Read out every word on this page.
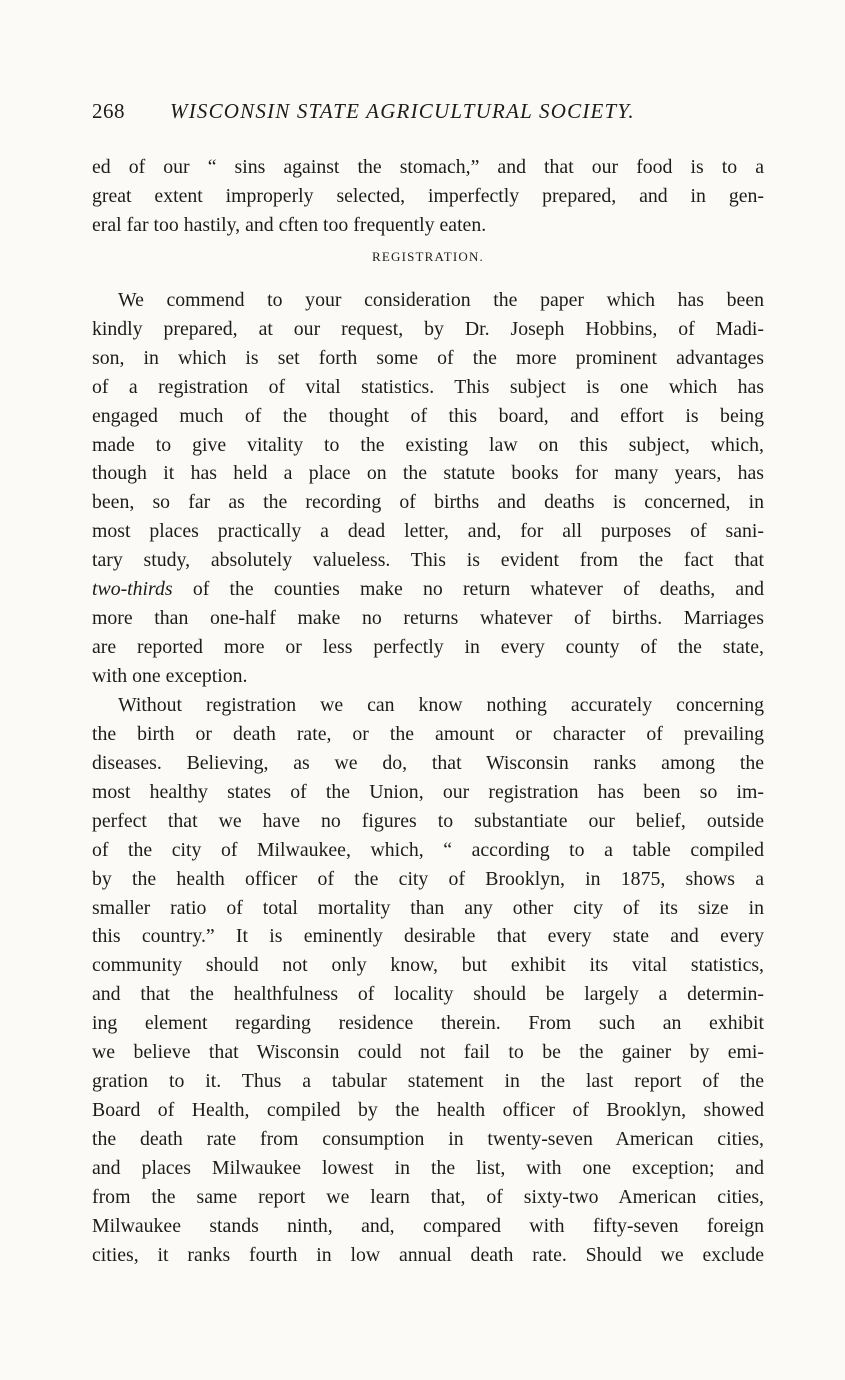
268 WISCONSIN STATE AGRICULTURAL SOCIETY.
ed of our “ sins against the stomach,” and that our food is to a
great extent improperly selected, imperfectly prepared, and in gen-
eral far too hastily, and cften too frequently eaten.
REGISTRATION.
We commend to your consideration the paper which has been
kindly prepared, at our request, by Dr. Joseph Hobbins, of Madi-
son, in which is set forth some of the more prominent advantages
of a registration of vital statistics. This subject is one which has
engaged much of the thought of this board, and effort is being
made to give vitality to the existing law on this subject, which,
though it has held a place on the statute books for many years, has
been, so far as the recording of births and deaths is concerned, in
most places practically a dead letter, and, for all purposes of sani-
tary study, absolutely valueless. This is evident from the fact that
two-thirds of the counties make no return whatever of deaths, and
more than one-half make no returns whatever of births. Marriages
are reported more or less perfectly in every county of the state,
with one exception.
Without registration we can know nothing accurately concerning
the birth or death rate, or the amount or character of prevailing
diseases. Believing, as we do, that Wisconsin ranks among the
most healthy states of the Union, our registration has been so im-
perfect that we have no figures to substantiate our belief, outside
of the city of Milwaukee, which, “ according to a table compiled
by the health officer of the city of Brooklyn, in 1875, shows a
smaller ratio of total mortality than any other city of its size in
this country.” It is eminently desirable that every state and every
community should not only know, but exhibit its vital statistics,
and that the healthfulness of locality should be largely a determin-
ing element regarding residence therein. From such an exhibit
we believe that Wisconsin could not fail to be the gainer by emi-
gration to it. Thus a tabular statement in the last report of the
Board of Health, compiled by the health officer of Brooklyn, showed
the death rate from consumption in twenty-seven American cities,
and places Milwaukee lowest in the list, with one exception; and
from the same report we learn that, of sixty-two American cities,
Milwaukee stands ninth, and, compared with fifty-seven foreign
cities, it ranks fourth in low annual death rate. Should we exclude
